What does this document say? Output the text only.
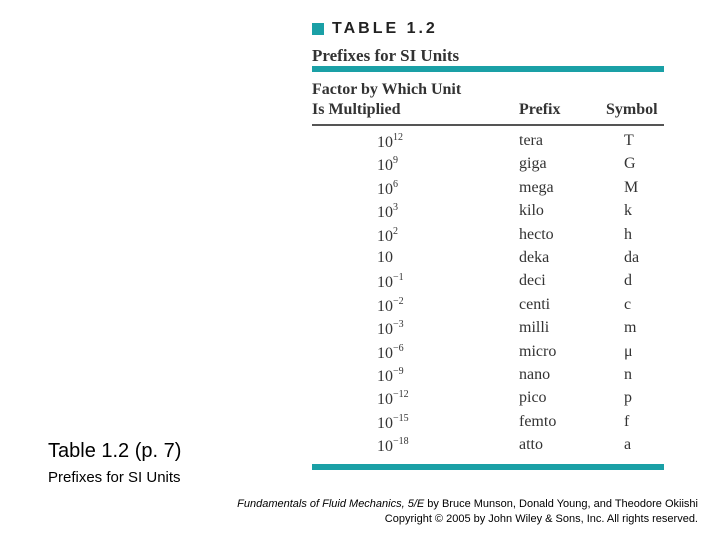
TABLE 1.2
Prefixes for SI Units
Factor by Which Unit
Is Multiplied	Prefix	Symbol
$10^{12}$	tera	T
$10^9$	giga	G
$10^6$	mega	M
$10^3$	kilo	k
$10^2$	hecto	h
10	deka	da
$10^{-1}$	deci	d
$10^{-2}$	centi	c
$10^{-3}$	milli	m
$10^{-6}$	micro	μ
$10^{-9}$	nano	n
$10^{-12}$	pico	p
$10^{-15}$	femto	f
$10^{-18}$	atto	a
Table 1.2 (p. 7)
Prefixes for SI Units
Fundamentals of Fluid Mechanics, 5/E by Bruce Munson, Donald Young, and Theodore Okiishi
Copyright © 2005 by John Wiley & Sons, Inc. All rights reserved.
